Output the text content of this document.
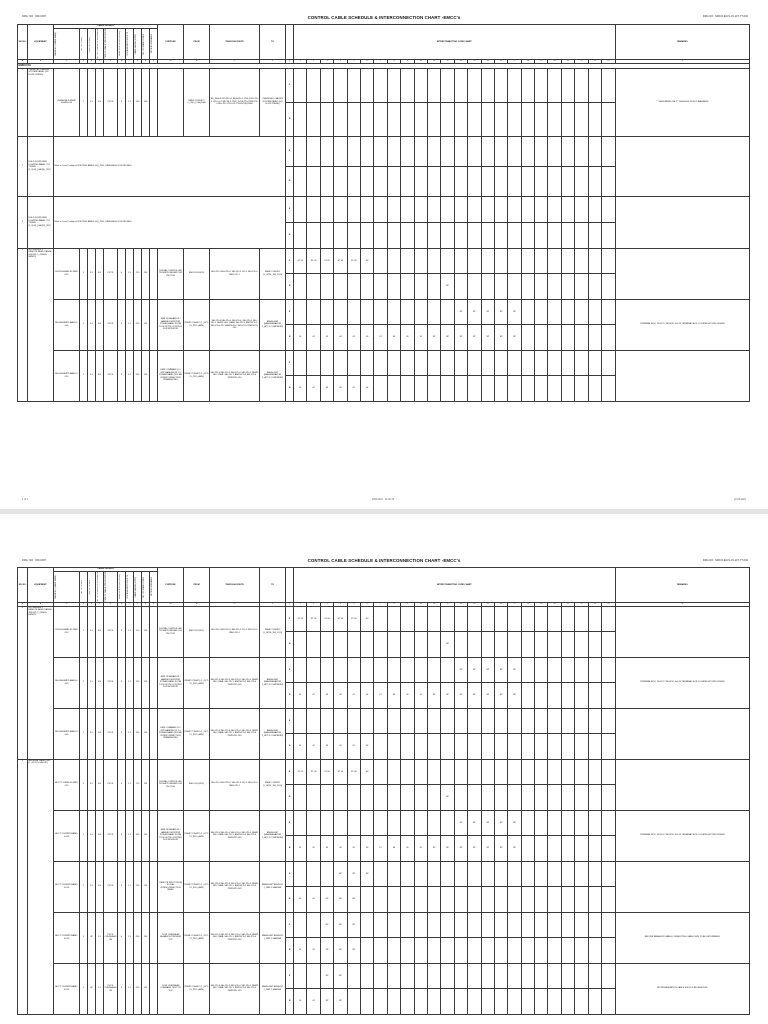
DRG. NO : 000-0007	CONTROL CABLE SCHEDULE & INTERCONNECTION CHART -EMCC's	DRG.NO : MRCX-EICS-15-107-TT-002
SR. NO.	EQUIPMENT	CABLE DETAILS										PURPOSE	FROM	THROUGH ROUTE	TO		INTERCONNECTING CORE CHART																								REMARKS

		CABLE NO. (CABLE MARK)	NO. OF CORES	SIZE OF CORES	NO. OF CORES FOR EXTENSION	TYPE OF CABLE SPECIFICATION	LENGTH OF ROUTE (MTRS)	VOLTAGE DROP IN VOLTS	CABLE LAYING (MTRS)	NO. OF SPARE CORES	NOTE NO./REMARKS																														

A	B	C	D	E	F	G	H	I	J	K	L	M	N	O	P	Q	1	2	3	4	5	6	7	8	9	10	11	12	13	14	15	16	17	18	19	20	21	22	23	24	R
EMCC03																																									
1	CHEMICAL LOADING SYSTEM PANEL (SIT FLUID TREND)	CHEMICALS RMHP 000485-010	1	3.5	4/3	PVCS	4	1.1	140	100			RMHP CONVEY / 2_CHO_(CHL)1000	BD_RHH 3 ISO-PD-14, BUN-PD-4, PD4-4 ISO-PD-4, PID-1-4, PND-V6-2, PND_3-4 BI-PD-4 PMU-PD-4 RUL-PD-1 PID-4.4; PD4-D(US)10000	CHEMICAL LOADING SYSTEM PANEL (SIT FLUID TREND)	S																									** THEM MERE ONLY** 000000001 IN NOT AVAILABLE
																N																									
2	HOLD-DOWN RMS LIGHTING PANEL / TO TURNS (1_GOH_(GEH)1)_PRL)	Work in Lines Duality ref ROKCHM: AMB-D ViQ_PH4 - MBSS-B0-B 1010/T8O1B00														S																									
																N																									
3	HOLD-DOWN RMS LIGHTING PANEL / TO TURNS (1_GOH_(GEH)2)_PRL)	Work in Lines Duality ref ROKCHM: AMB-D ViQ_PH4 - MBSS-B0-B 1010/T8O1B00														S																									
																N																									
4	GLT-FEEDER 1 REMOTE BEND RANGE GROUP (1_GPHIG-BMSP1)	CHT-RLH-BMH-S1-RMP-010	1	9.5	4/3	PVCS	4	1.1	170	110		DIGITAL CONTROLLED TB SMPP FEEDER FOR PHOTOS	EMCC03 (GPD)	SEL-PD-3 SEL-PD-3, SEL-PD-4, PD-3, SEL-PD-4, PAUL-PD-1	RMHP CONVEY (1_GPDL_RB_CUO)	S	ST 09	ST 09	ST 09	ST 09	ST 09	SP																			
																N												SP													
		DEL-RA-RMPP-BAND-1-010	1	9.5	4/3	PVCS	4	1.1	290	110		EMS 13 BEHAVIOR / HANDBOOK/INT/VR POWER BAND ROOM TOOL/LETTE CONTROL FOR INTERIOR	RMHP CONVEY (1_GPT-21_PRO_AMS)	SEL-PD-4 SEL-PD-4, SEL-PD-4, SEL-PD-4, SEL-PD-4, RHMP, SEL 3 BBB, SEL-PD 3, BMPS-PD-9, SEL-PD-4 PD 3-BMPS-PD-1 SEL-PD-4 PMPS-PD-100	BMHS-GMT (HANDBEHAVIOR 1_HPT-2 COMPRESS)	S													SP	SP	SP	SP	SP								TERMINAL BOX: 10:UD 17.SE BOX: 0x0.10 TERMINAL BOX: LOCATED AT SITE DESIGN
																N	01	02	03	04	05	06	07	08	09	10	SP	SP	SP	SP	SP	SP	SP								
		DEL-RA-RMPP-BAND-2-010	1	9.5	4/3	PVCS	4	1.1	290	110		EMS COMMAND 13 / GPP HANDBOOK 1-1 POWER BAND (SOCIAL INTERCONNECTION FRAMEWORK)	RMHP CONVEY (1_GPT-21_PRO_AMS)	SEL-PD-4 SEL-PD-4, SEL-PD-4, SEL-PD-4, RHMP, SEL 3 BBB, SEL-PD 3, BMPS-PD-9 SEL-PD-4 PMPS-PD-100	BMHS-GMT (HANDBEHAVIOR 1_HPT-2 COMPRESS)	S																									
																N	01	02	03	04	05	06																			
1 of 1	2020-09-0 · 11:02:10	22.03.2021
DRG. NO : 000-0007	CONTROL CABLE SCHEDULE & INTERCONNECTION CHART -EMCC's	DRG.NO : MRCX-EICS-15-107-TT-002
SR. NO.	EQUIPMENT	CABLE DETAILS										PURPOSE	FROM	THROUGH ROUTE	TO		INTERCONNECTING CORE CHART																								REMARKS

		CABLE NO. (CABLE MARK)	NO. OF CORES	SIZE OF CORES	NO. OF CORES FOR EXTENSION	TYPE OF CABLE SPECIFICATION	LENGTH OF ROUTE (MTRS)	VOLTAGE DROP IN VOLTS	CABLE LAYING (MTRS)	NO. OF SPARE CORES	NOTE NO./REMARKS																														

A	B	C	D	E	F	G	H	I	J	K	L	M	N	O	P	Q	1	2	3	4	5	6	7	8	9	10	11	12	13	14	15	16	17	18	19	20	21	22	23	24	R
4	GLT-FEEDER 1 REMOTE BEND RANGE GROUP (1_GPHIG-BMSP1)	CHT-RLH-BMH-S1-RMP-010	1	9.5	4/3	PVCS	4	1.1	170	110		DIGITAL CONTROLLED TB SMPP FEEDER FOR PHOTOS	EMCC03 (GPD)	SEL-PD-3 SEL-PD-3, SEL-PD-4, PD-3, SEL-PD-4, PAUL-PD-1	RMHP CONVEY (1_GPDL_RB_CUO)	S	ST 09	ST 09	ST 09	ST 09	ST 09	SP																			
																N												SP													
		DEL-RA-RMPP-BAND-1-010	1	9.5	4/3	PVCS	4	1.1	290	110		EMS 13 BEHAVIOR / HANDBOOK/INT/VR POWER BAND ROOM TOOL/LETTE CONTROL FOR INTERIOR	RMHP CONVEY (1_GPT-21_PRO_AMS)	SEL-PD-4 SEL-PD-4, SEL-PD-4, SEL-PD-4, RHMP, SEL 3 BBB, SEL-PD 3, BMPS-PD-9 SEL-PD-4 PMPS-PD-100	BMHS-GMT (HANDBEHAVIOR 1_HPT-2 COMPRESS)	S													SP	SP	SP	SP	SP								TERMINAL BOX: 10:UD 17.SE BOX: 0x0.10 TERMINAL BOX: LOCATED AT SITE DESIGN
																N	01	02	03	04	05	06	07	08	09	10	SP	SP	SP	SP	SP	SP	SP								
		DEL-RA-RMPP-BAND-2-010	1	9.5	4/3	PVCS	4	1.1	290	110		EMS COMMAND 13 / GPP HANDBOOK 1-1 POWER BAND (SOCIAL INTERCONNECTION FRAMEWORK)	RMHP CONVEY (1_GPT-21_PRO_AMS)	SEL-PD-4 SEL-PD-4, SEL-PD-4, SEL-PD-4, RHMP, SEL 3 BBB, SEL-PD 3, BMPS-PD-9 SEL-PD-4 PMPS-PD-100	BMHS-GMT (HANDBEHAVIOR 1_HPT-2 COMPRESS)	S																									
																N	01	02	03	04	05	06																			
5	MATERIAL HANDLING (1_GPT-21 GROUP)	HDCT-T1-SMH-S1-RMP-010	1	9.5	4/3	PVCS	4	1.1	170	110		DIGITAL CONTROLLED TB SMPP FEEDER FOR PHOTOS	EMCC03 (GPD)	SEL-PD-3 SEL-PD-3, SEL-PD-4, PD-3, SEL-PD-4, PAUL-PD-1	RMHP CONVEY (1_GPDL_RB_CUO)	S	ST 09	ST 09	ST 09	ST 09	ST 09	SP																			
																N												SP													
		HDCT-T1-RMPP-BAND-1-010	1	9.5	4/3	PVCS	4	1.1	290	110		EMS 13 BEHAVIOR / HANDBOOK/INT/VR POWER BAND ROOM TOOL/LETTE CONTROL FOR INTERIOR	RMHP CONVEY (1_GPT-21_PRO_AMS)	SEL-PD-4 SEL-PD-4, SEL-PD-4, SEL-PD-4, RHMP, SEL 3 BBB, SEL-PD 3, BMPS-PD-9 SEL-PD-4 PMPS-PD-100	BMHS-GMT (HANDBEHAVIOR 1_HPT-2 COMPRESS)	S													SP	SP	SP	SP	SP								TERMINAL BOX: 10:UD 17.SE BOX: 0x0.10 TERMINAL BOX: LOCATED AT SITE DESIGN
																N	01	02	03	04	05	06	07	08	09	10	SP	SP	SP	SP	SP	SP	SP								
		HDCT-T1-RMPP-BAND-2-010	1	9.5	4/3	PVCS	4	1.1	290	110		REMOTE INPUT FROM SOCIAL INTERCONNECTION PANEL	RMHP CONVEY (1_GPT-21_PRO_AMS)	SEL-PD-4 SEL-PD-4, SEL-PD-4, SEL-PD-4, RHMP, SEL 3 BBB, SEL-PD 3, BMPS-PD-9 SEL-PD-4 PMPS-PD-100	BMHS-GMT BMHS BY 1_RMT-1 HANDBE	S				SP	SP	SP																			
																N	01	02	SP	SP	SP																				
		HDCT-T1-RMPP-BAND-3-010	1	4P	1.5	PVCS OVERHEAD ON	4	1.1	290	110		TL BP OVERHEAD BEHAVIOR PREVIEW TOP	RMHP CONVEY (1_GPT-21_PRO_AMS)	SEL-PD-4 SEL-PD-4, SEL-PD-4, SEL-PD-4, RHMP, SEL 3 BBB, SEL-PD 3, BMPS-PD-9 SEL-PD-4 PMPS-PD-100	BMHS-GMT BMHS BY 1_RMT-1 HANDBE	S			SP	SP	SP																				BEFORE BEHAVIOR CABLE CONNECTING CABLE SIZE TO BE DETERMINED
																N	01	02	SP	SP	SP																				
		HDCT-T1-RMPP-BAND-4-010	1	4P	1.5	PVCS OVERHEAD ON	4	1.1	290	110		TL BP OVERHEAD COMMAND TEST ON TOP	RMHP CONVEY (1_GPT-21_PRO_AMS)	SEL-PD-4 SEL-PD-4, SEL-PD-4, SEL-PD-4, RHMP, SEL 3 BBB, SEL-PD 3, BMPS-PD-9 SEL-PD-4 PMPS-PD-100	BMHS-GMT BMHS BY 1_RMT-1 HANDBE	S			SP	SP																					INSTRUMENTATION CABLE SHOULD BE SHIELDED
																N	01	02	SP	SP																					
